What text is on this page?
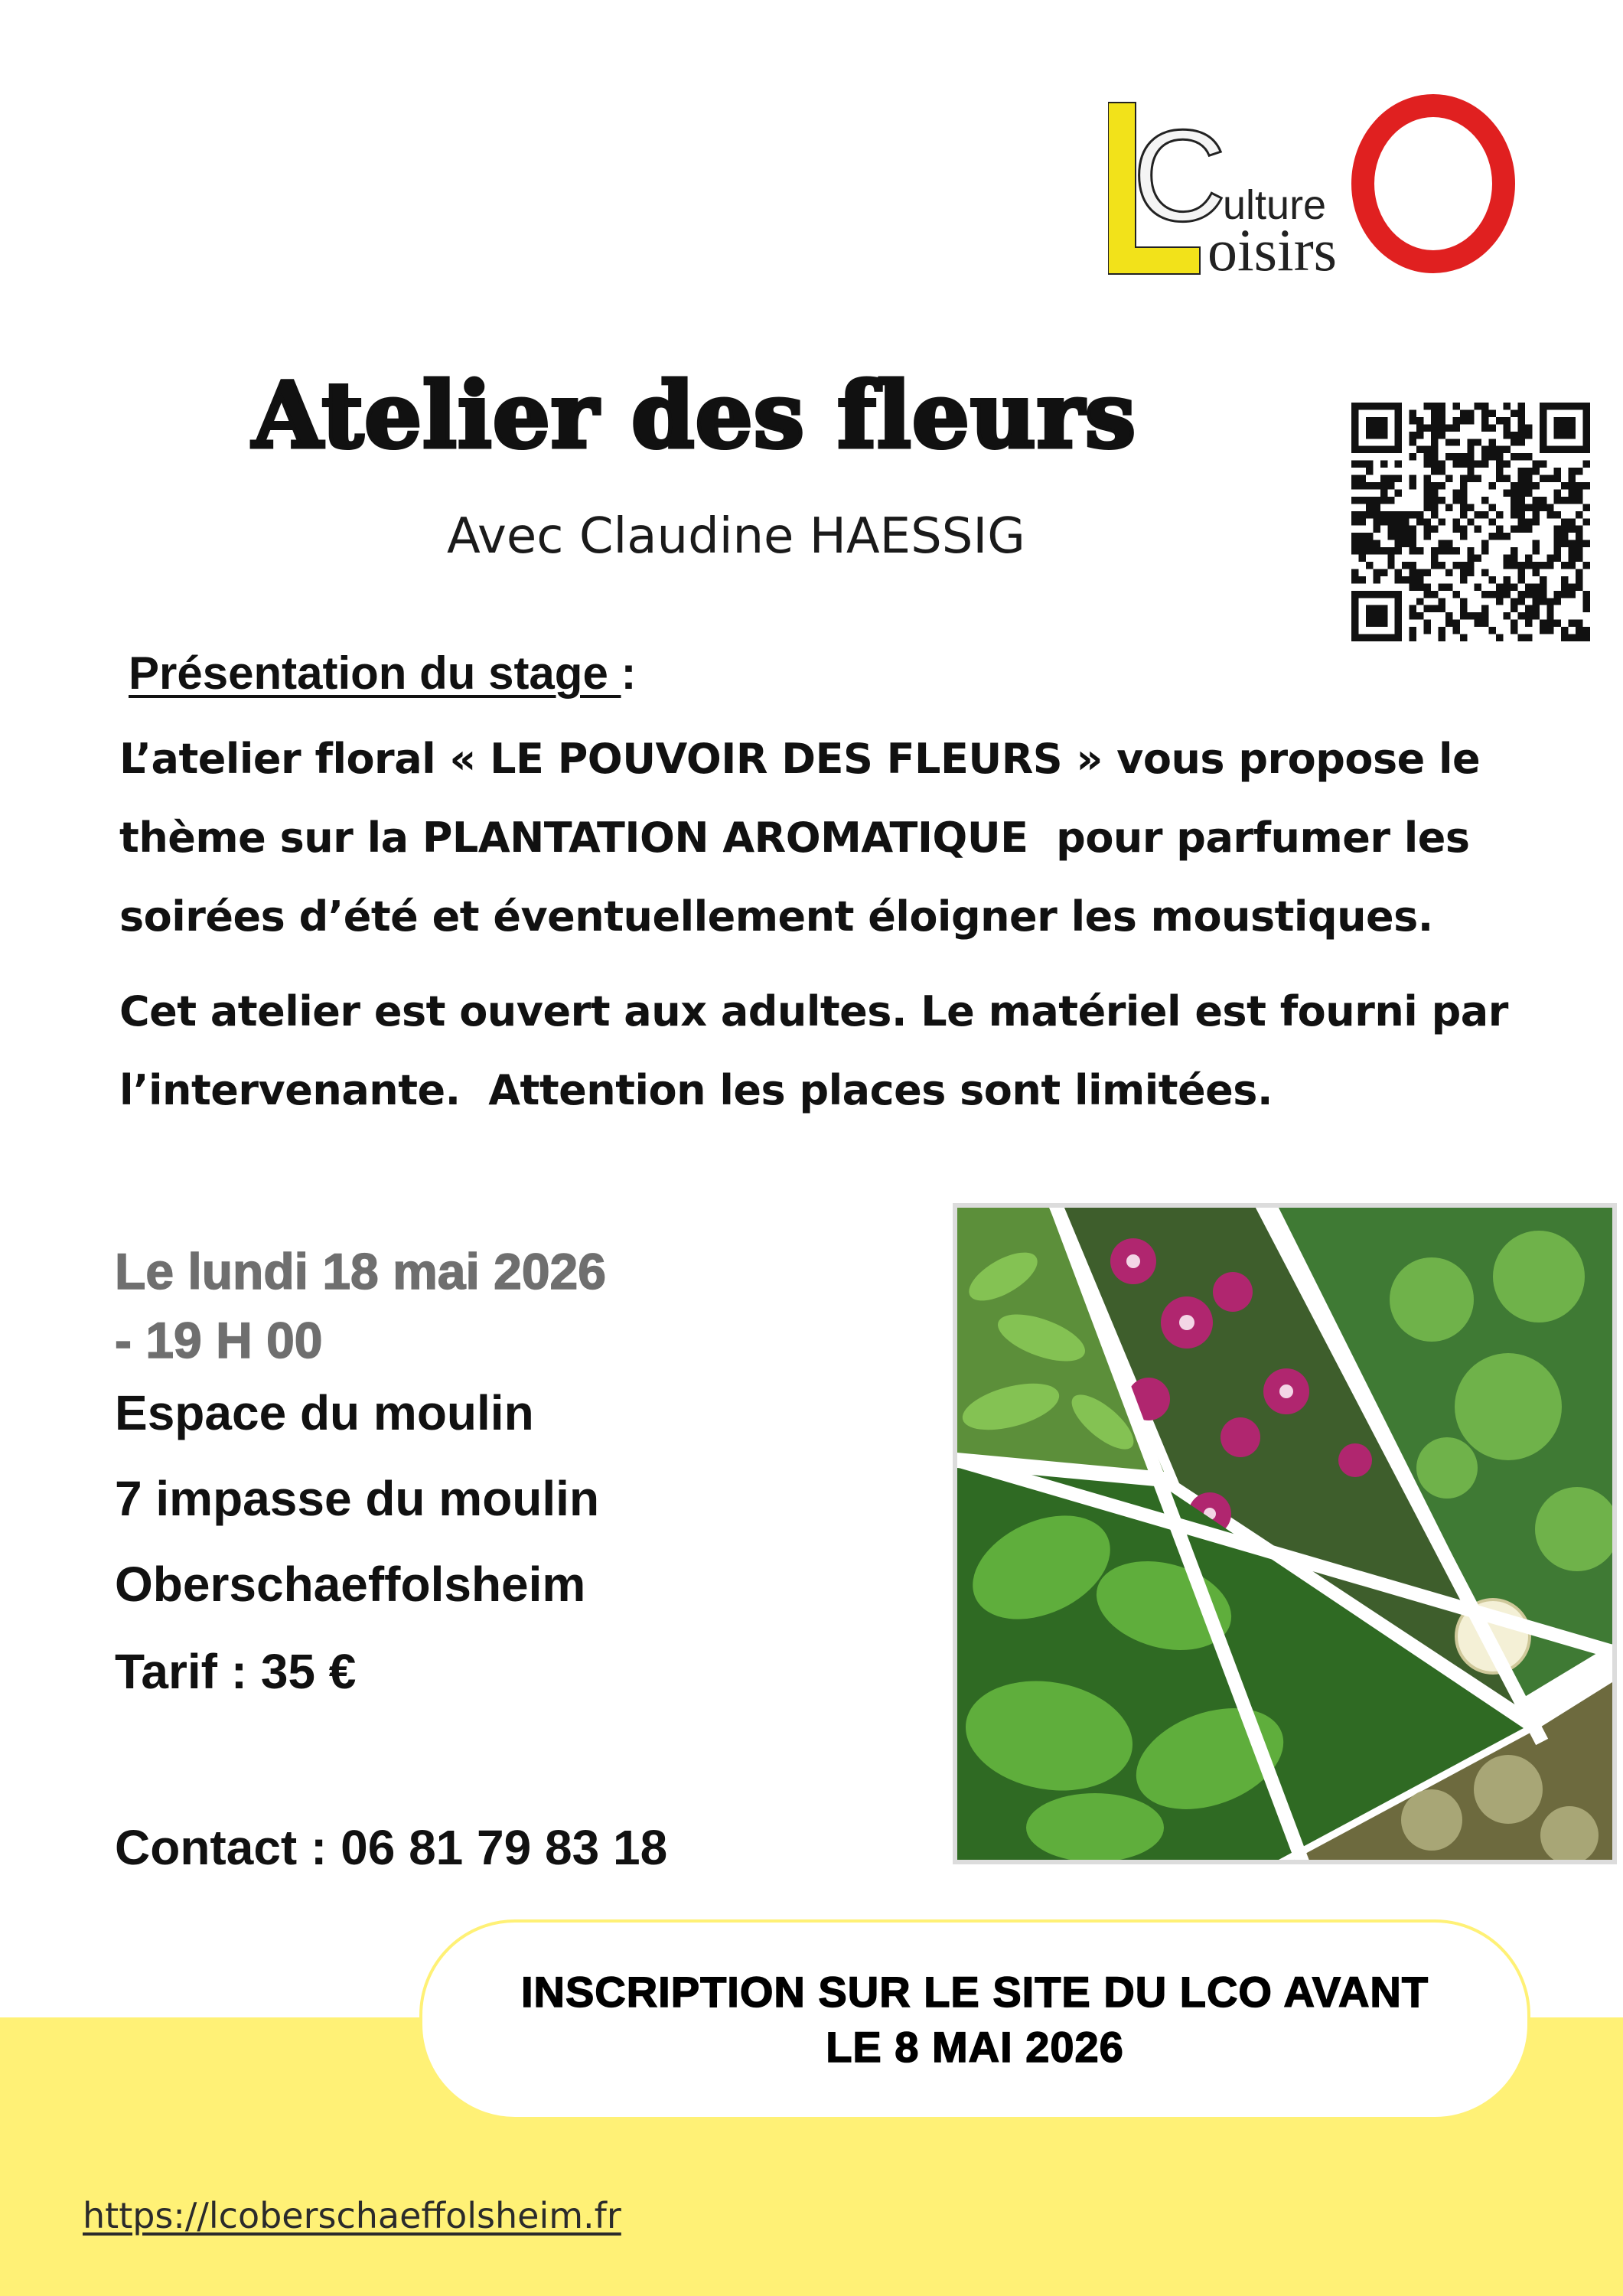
C
ulture
oisirs
Atelier des fleurs
Avec Claudine HAESSIG
Présentation du stage :
L’atelier floral « LE POUVOIR DES FLEURS » vous propose le
thème sur la PLANTATION AROMATIQUE  pour parfumer les
soirées d’été et éventuellement éloigner les moustiques.
Cet atelier est ouvert aux adultes. Le matériel est fourni par
l’intervenante.  Attention les places sont limitées.
Le lundi 18 mai 2026
- 19 H 00
Espace du moulin
7 impasse du moulin
Oberschaeffolsheim
Tarif : 35 €
Contact : 06 81 79 83 18
INSCRIPTION SUR LE SITE DU LCO AVANT
LE 8 MAI 2026
https://lcoberschaeffolsheim.fr
